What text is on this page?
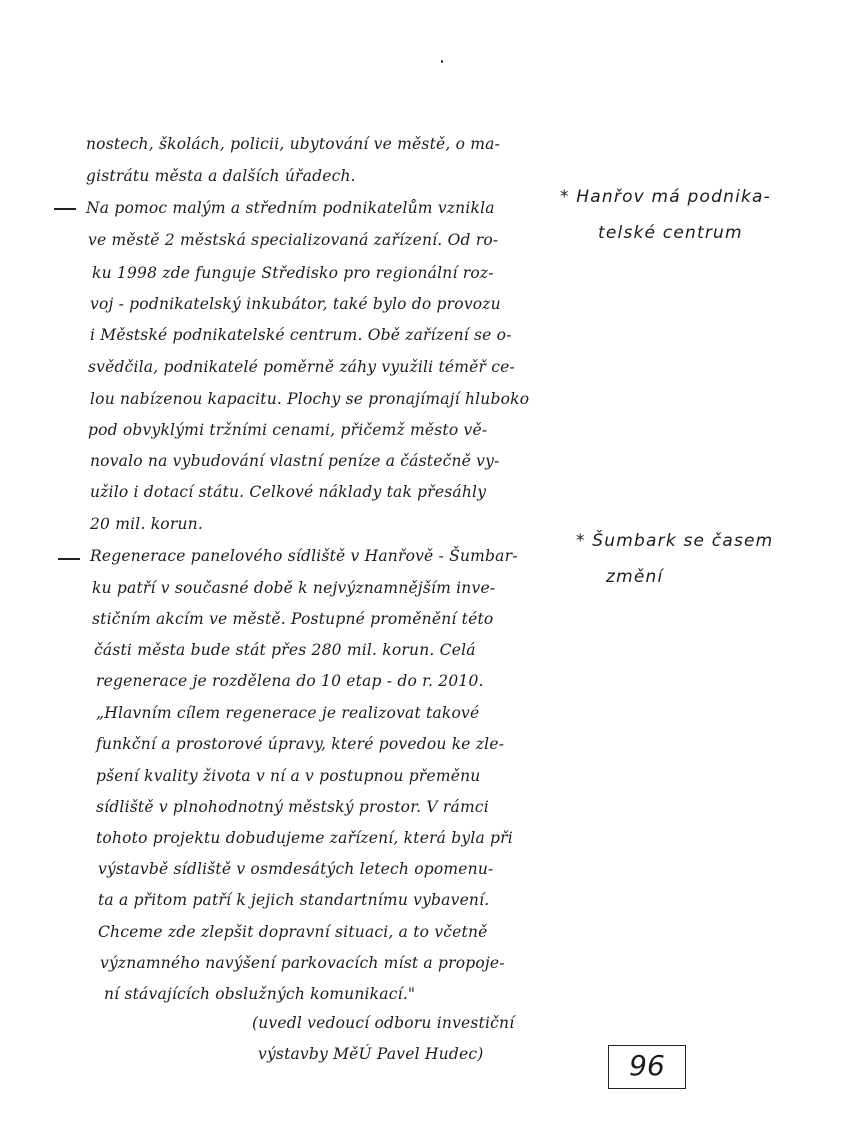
nostech, školách, policii, ubytování ve městě, o ma-
gistrátu města a dalších úřadech.
Na pomoc malým a středním podnikatelům vznikla
ve městě 2 městská specializovaná zařízení. Od ro-
ku 1998 zde funguje Středisko pro regionální roz-
voj - podnikatelský inkubátor, také bylo do provozu
i Městské podnikatelské centrum. Obě zařízení se o-
svědčila, podnikatelé poměrně záhy využili téměř ce-
lou nabízenou kapacitu. Plochy se pronajímají hluboko
pod obvyklými tržními cenami, přičemž město vě-
novalo na vybudování vlastní peníze a částečně vy-
užilo i dotací státu. Celkové náklady tak přesáhly
20 mil. korun.
Regenerace panelového sídliště v Hanřově - Šumbar-
ku patří v současné době k nejvýznamnějším inve-
stičním akcím ve městě. Postupné proměnění této
části města bude stát přes 280 mil. korun. Celá
regenerace je rozdělena do 10 etap - do r. 2010.
„Hlavním cílem regenerace je realizovat takové
funkční a prostorové úpravy, které povedou ke zle-
pšení kvality života v ní a v postupnou přeměnu
sídliště v plnohodnotný městský prostor. V rámci
tohoto projektu dobudujeme zařízení, která byla při
výstavbě sídliště v osmdesátých letech opomenu-
ta a přitom patří k jejich standartnímu vybavení.
Chceme zde zlepšit dopravní situaci, a to včetně
významného navýšení parkovacích míst a propoje-
ní stávajících obslužných komunikací."
(uvedl vedoucí odboru investiční
výstavby MěÚ Pavel Hudec)
* Hanřov má podnika-
telské centrum
* Šumbark se časem
změní
96
